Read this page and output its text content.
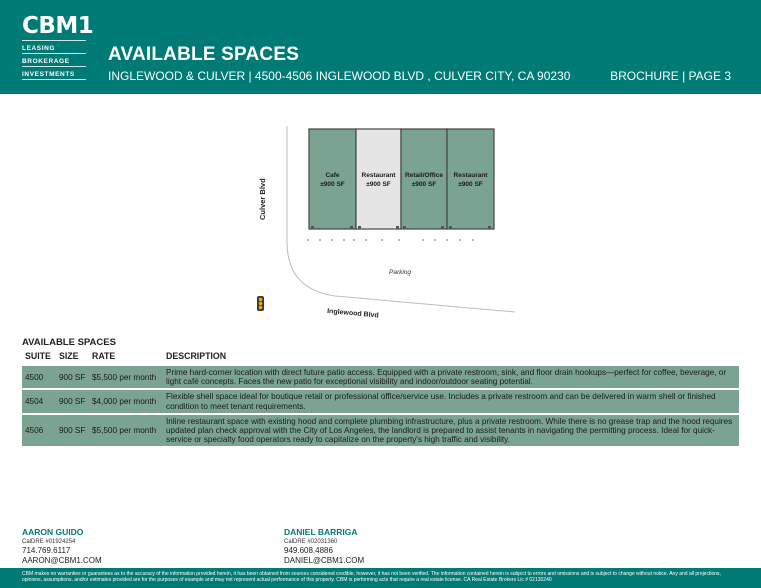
CBM1
LEASING
BROKERAGE
INVESTMENTS
AVAILABLE SPACES
INGLEWOOD & CULVER | 4500-4506 INGLEWOOD BLVD , CULVER CITY, CA 90230	BROCHURE | PAGE 3
Cafe
±900 SF
Restaurant
±900 SF
Retail/Office
±900 SF
Restaurant
±900 SF
Culver Blvd
Inglewood Blvd
Parking
AVAILABLE SPACES
SUITE	SIZE	RATE	DESCRIPTION
4500	900 SF	$5,500 per month	Prime hard-corner location with direct future patio access. Equipped with a private restroom, sink, and floor drain hookups—perfect for coffee, beverage, or light café concepts. Faces the new patio for exceptional visibility and indoor/outdoor seating potential.
4504	900 SF	$4,000 per month	Flexible shell space ideal for boutique retail or professional office/service use. Includes a private restroom and can be delivered in warm shell or finished condition to meet tenant requirements.
4506	900 SF	$5,500 per month	Inline restaurant space with existing hood and complete plumbing infrastructure, plus a private restroom. While there is no grease trap and the hood requires updated plan check approval with the City of Los Angeles, the landlord is prepared to assist tenants in navigating the permitting process. Ideal for quick-service or specialty food operators ready to capitalize on the property's high traffic and visibility.
AARON GUIDO
CalDRE #01924254
714.769.6117
AARON@CBM1.COM
DANIEL BARRIGA
CalDRE #02031360
949.608.4886
DANIEL@CBM1.COM
CBM makes no warranties or guarantees as to the accuracy of the information provided herein, it has been obtained from sources considered credible, however, it has not been verified. The information contained herein is subject to errors and omissions and is subject to change without notice. Any and all projections, opinions, assumptions, and/or estimates provided are for the purposes of example and may not represent actual performance of this property. CBM is performing acts that require a real estate license. CA Real Estate Brokers Lic # 02130240
